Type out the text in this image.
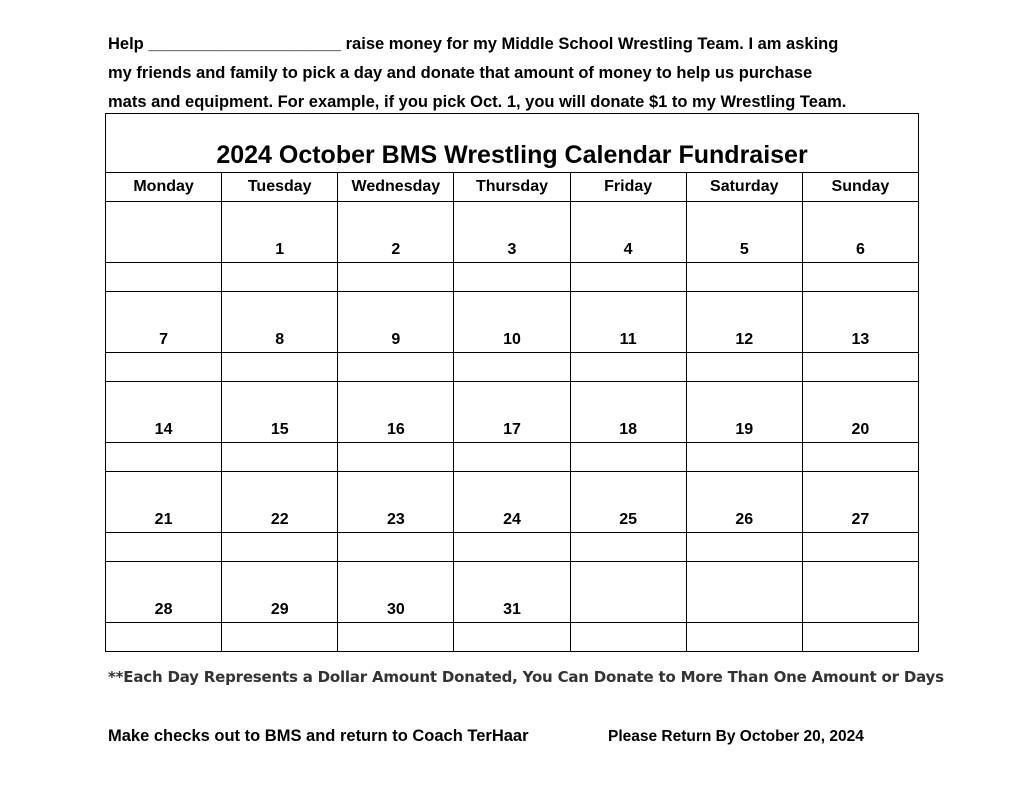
Help _____________________ raise money for my Middle School Wrestling Team. I am asking
my friends and family to pick a day and donate that amount of money to help us purchase
mats and equipment. For example, if you pick Oct. 1, you will donate $1 to my Wrestling Team.
2024 October BMS Wrestling Calendar Fundraiser						
Monday	Tuesday	Wednesday	Thursday	Friday	Saturday	Sunday
	1	2	3	4	5	6

7	8	9	10	11	12	13

14	15	16	17	18	19	20

21	22	23	24	25	26	27

28	29	30	31			

**Each Day Represents a Dollar Amount Donated, You Can Donate to More Than One Amount or Days
Make checks out to BMS and return to Coach TerHaar	Please Return By October 20, 2024
